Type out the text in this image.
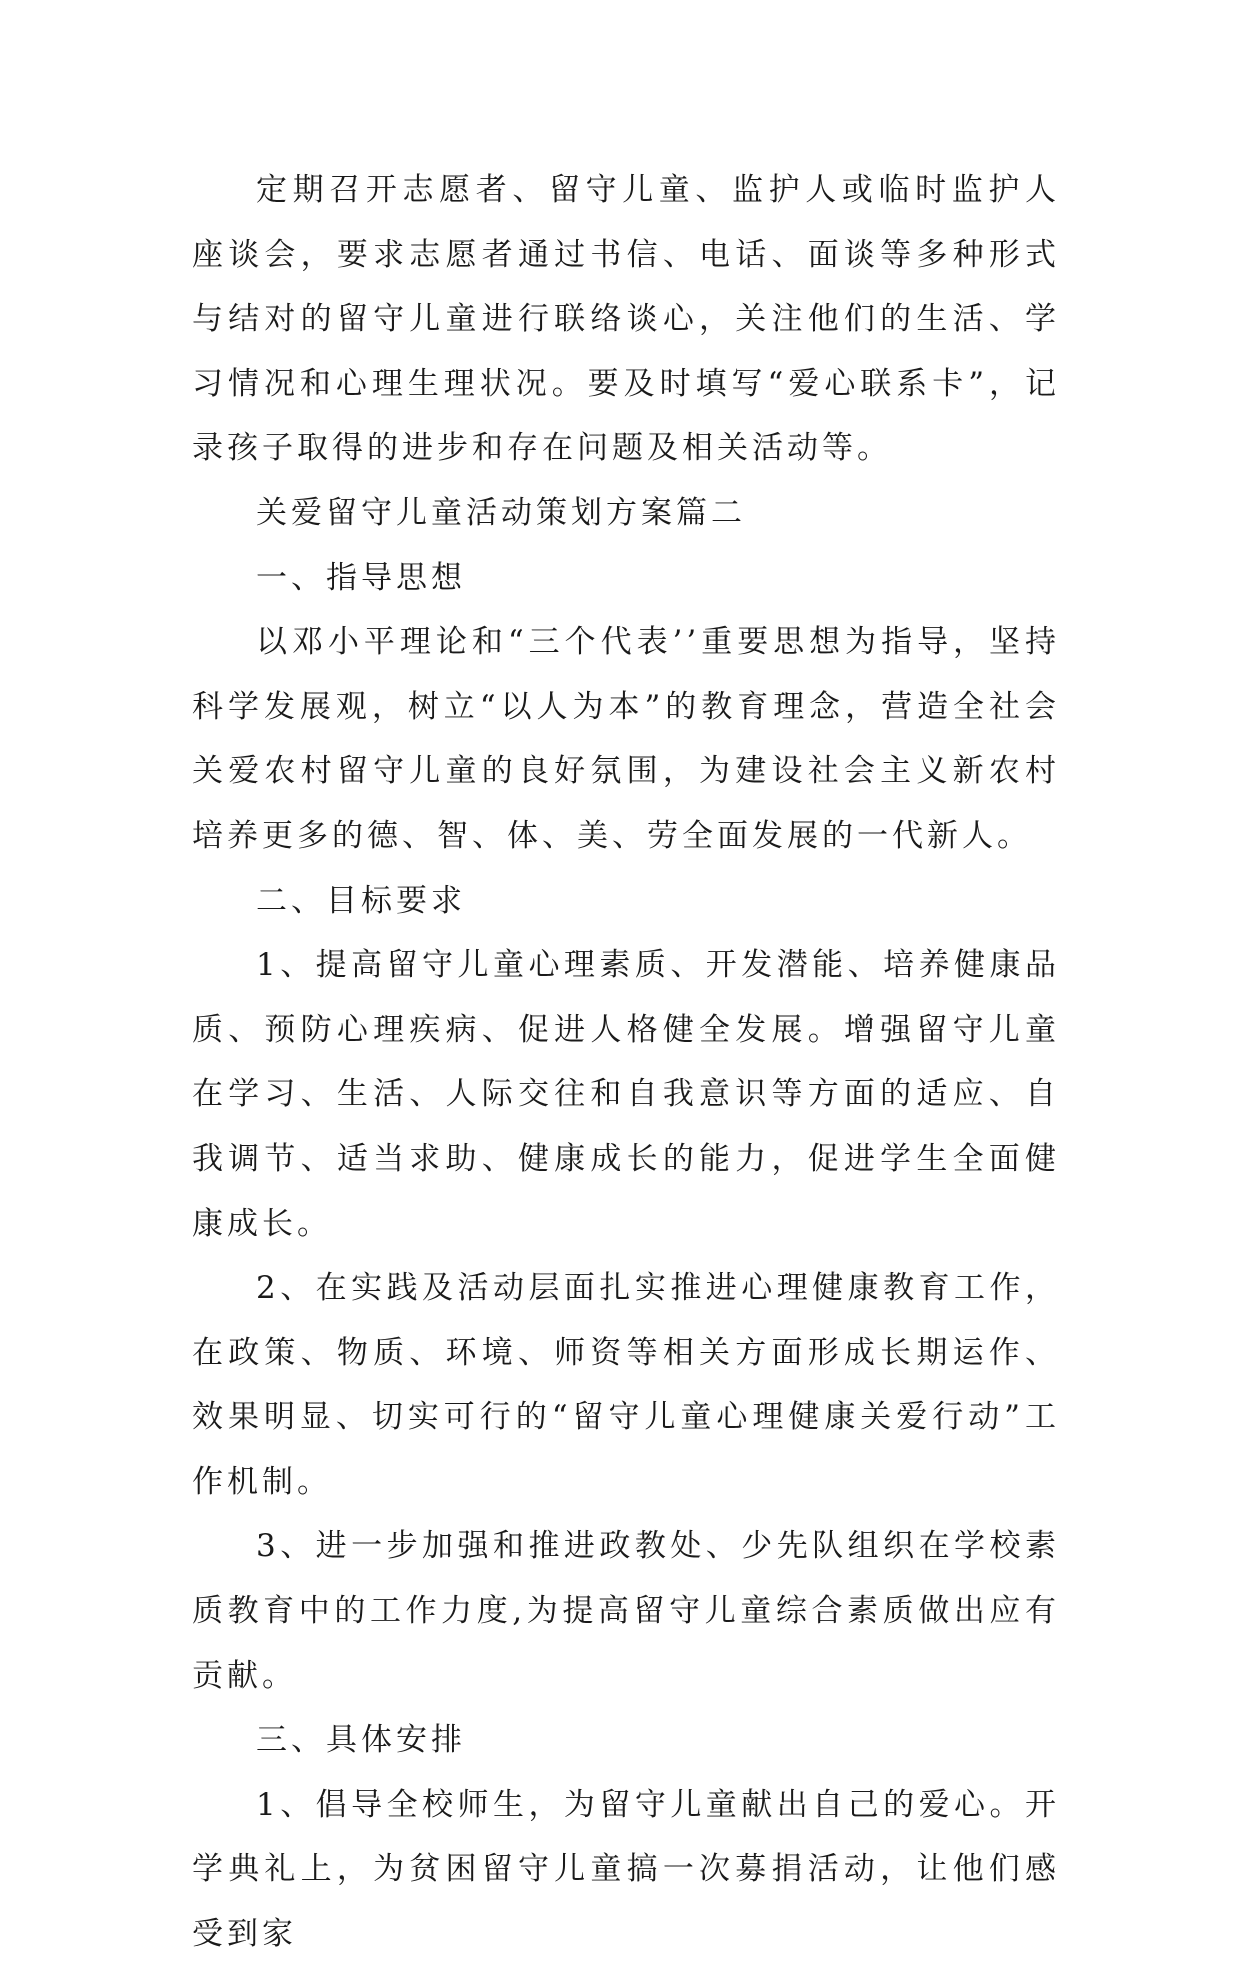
定期召开志愿者、留守儿童、监护人或临时监护人座谈会，要求志愿者通过书信、电话、面谈等多种形式与结对的留守儿童进行联络谈心，关注他们的生活、学习情况和心理生理状况。要及时填写“爱心联系卡”，记录孩子取得的进步和存在问题及相关活动等。

关爱留守儿童活动策划方案篇二

一、指导思想

以邓小平理论和“三个代表’’重要思想为指导，坚持科学发展观，树立“以人为本”的教育理念，营造全社会关爱农村留守儿童的良好氛围，为建设社会主义新农村培养更多的德、智、体、美、劳全面发展的一代新人。

二、目标要求

1、提高留守儿童心理素质、开发潜能、培养健康品质、预防心理疾病、促进人格健全发展。增强留守儿童在学习、生活、人际交往和自我意识等方面的适应、自我调节、适当求助、健康成长的能力，促进学生全面健康成长。

2、在实践及活动层面扎实推进心理健康教育工作，在政策、物质、环境、师资等相关方面形成长期运作、效果明显、切实可行的“留守儿童心理健康关爱行动”工作机制。

3、进一步加强和推进政教处、少先队组织在学校素质教育中的工作力度,为提高留守儿童综合素质做出应有贡献。

三、具体安排

1、倡导全校师生，为留守儿童献出自己的爱心。开学典礼上，为贫困留守儿童搞一次募捐活动，让他们感受到家
